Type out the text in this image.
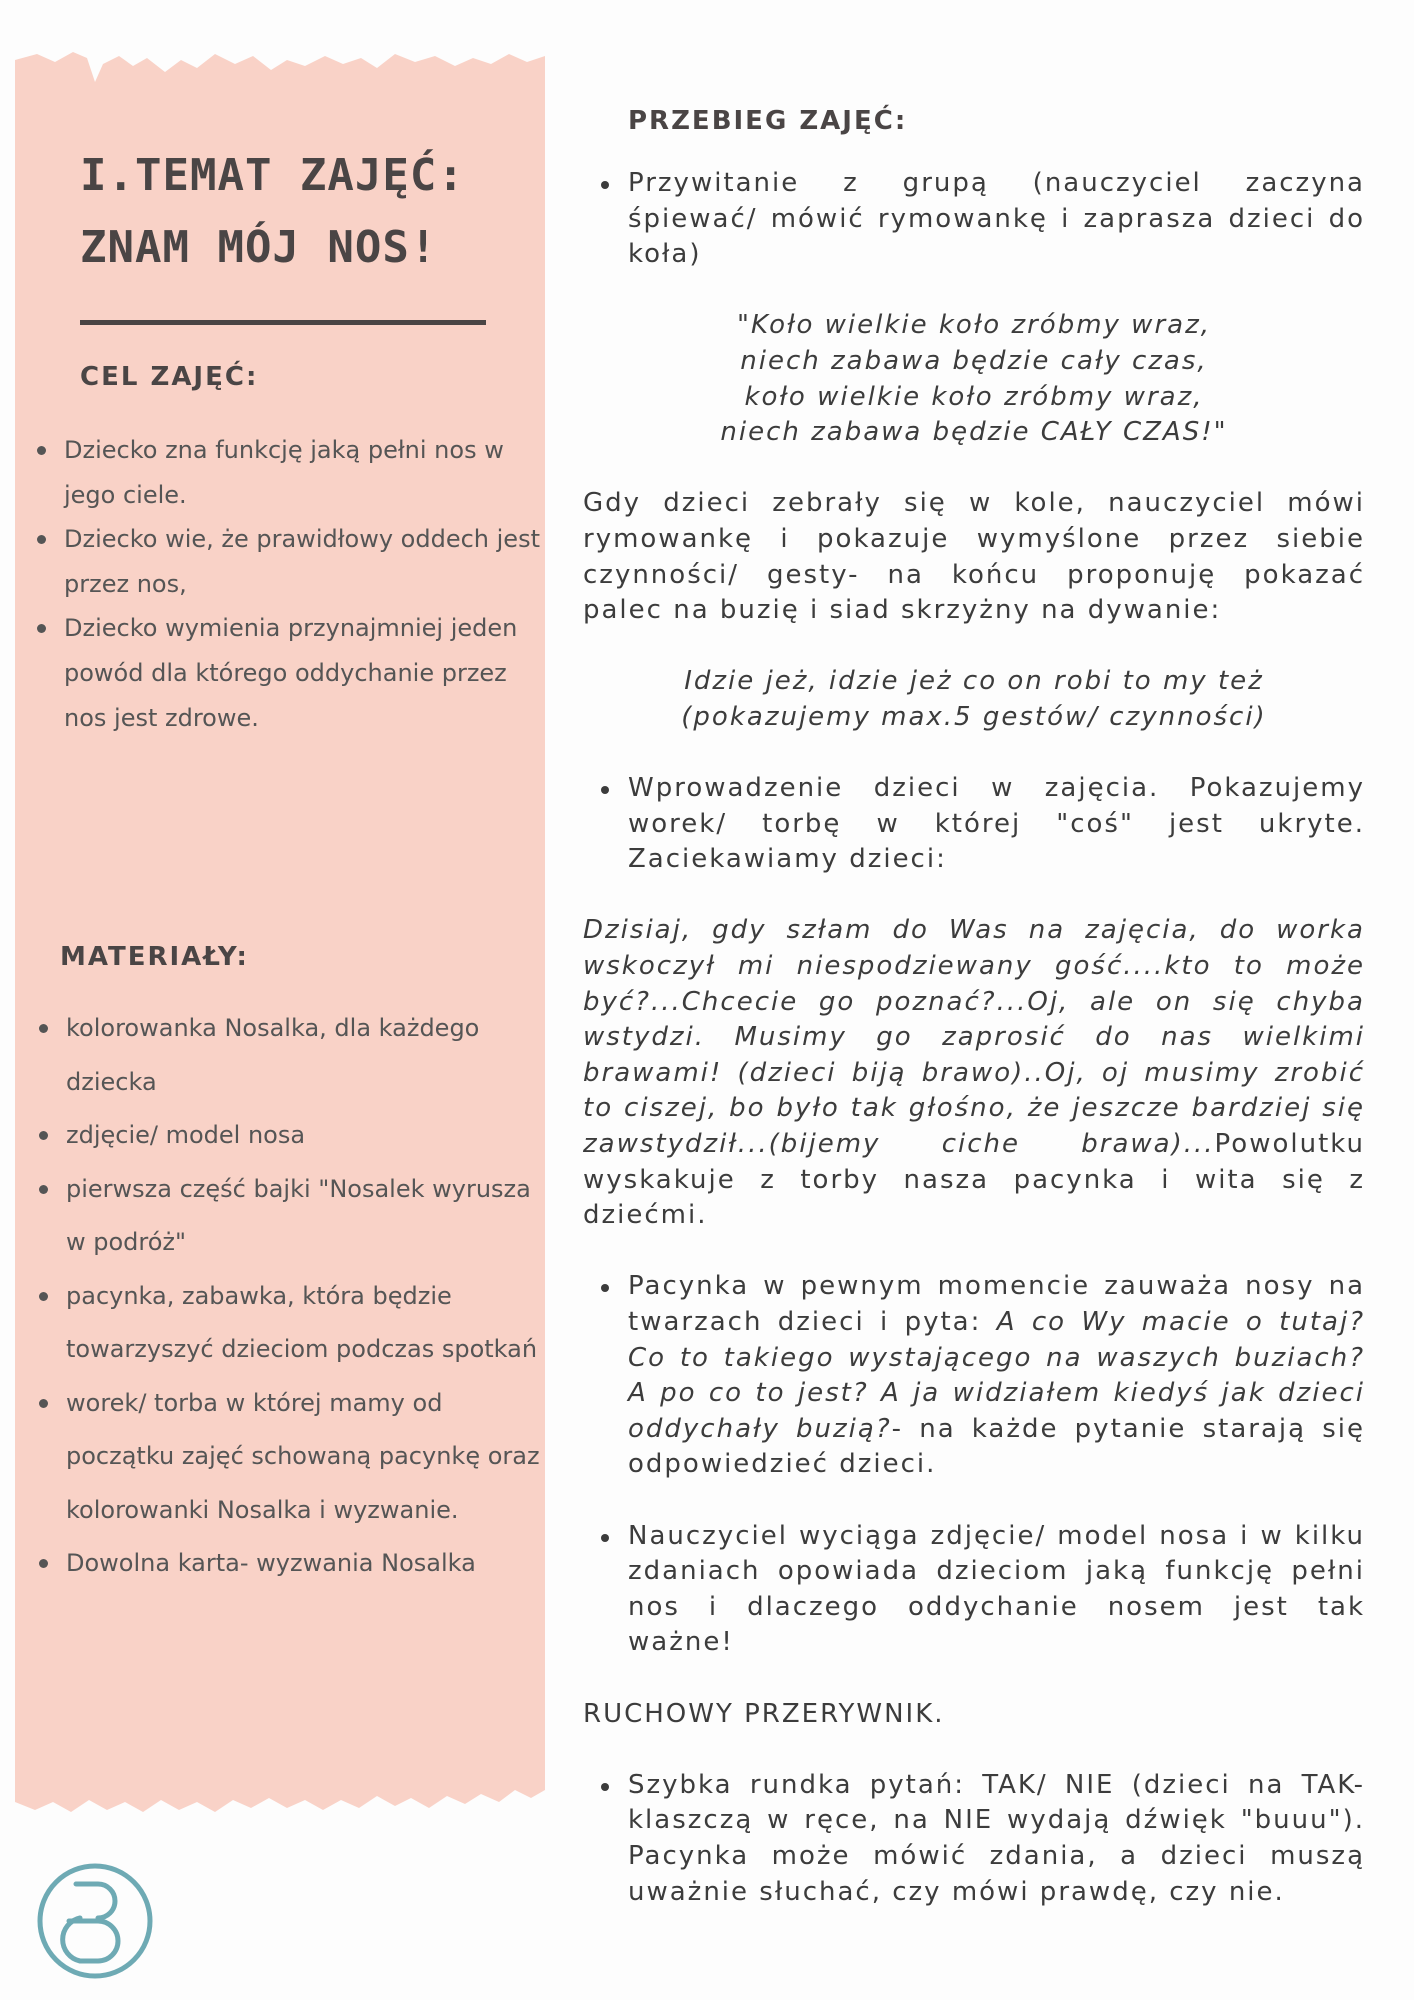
I.TEMAT ZAJĘĆ:
ZNAM MÓJ NOS!
CEL ZAJĘĆ:
Dziecko zna funkcję jaką pełni nos w jego ciele.
Dziecko wie, że prawidłowy oddech jest przez nos,
Dziecko wymienia przynajmniej jeden powód dla którego oddychanie przez nos jest zdrowe.
MATERIAŁY:
kolorowanka Nosalka, dla każdego dziecka
zdjęcie/ model nosa
pierwsza część bajki "Nosalek wyrusza w podróż"
pacynka, zabawka, która będzie towarzyszyć dzieciom podczas spotkań
worek/ torba w której mamy od początku zajęć schowaną pacynkę oraz kolorowanki Nosalka i wyzwanie.
Dowolna karta- wyzwania Nosalka
PRZEBIEG ZAJĘĆ:

Przywitanie z grupą (nauczyciel zaczyna śpiewać/ mówić rymowankę i zaprasza dzieci do koła)

"Koło wielkie koło zróbmy wraz,
niech zabawa będzie cały czas,
koło wielkie koło zróbmy wraz,
niech zabawa będzie CAŁY CZAS!"

Gdy dzieci zebrały się w kole, nauczyciel mówi rymowankę i pokazuje wymyślone przez siebie czynności/ gesty- na końcu proponuję pokazać palec na buzię i siad skrzyżny na dywanie:

Idzie jeż, idzie jeż co on robi to my też
(pokazujemy max.5 gestów/ czynności)

Wprowadzenie dzieci w zajęcia. Pokazujemy worek/ torbę w której "coś" jest ukryte. Zaciekawiamy dzieci:

Dzisiaj, gdy szłam do Was na zajęcia, do worka wskoczył mi niespodziewany gość....kto to może być?...Chcecie go poznać?...Oj, ale on się chyba wstydzi. Musimy go zaprosić do nas wielkimi brawami! (dzieci biją brawo)..Oj, oj musimy zrobić to ciszej, bo było tak głośno, że jeszcze bardziej się zawstydził...(bijemy ciche brawa)...Powolutku wyskakuje z torby nasza pacynka i wita się z dziećmi.

Pacynka w pewnym momencie zauważa nosy na twarzach dzieci i pyta: A co Wy macie o tutaj? Co to takiego wystającego na waszych buziach? A po co to jest? A ja widziałem kiedyś jak dzieci oddychały buzią?- na każde pytanie starają się odpowiedzieć dzieci.

Nauczyciel wyciąga zdjęcie/ model nosa i w kilku zdaniach opowiada dzieciom jaką funkcję pełni nos i dlaczego oddychanie nosem jest tak ważne!

RUCHOWY PRZERYWNIK.

Szybka rundka pytań: TAK/ NIE (dzieci na TAK- klaszczą w ręce, na NIE wydają dźwięk "buuu"). Pacynka może mówić zdania, a dzieci muszą uważnie słuchać, czy mówi prawdę, czy nie.
